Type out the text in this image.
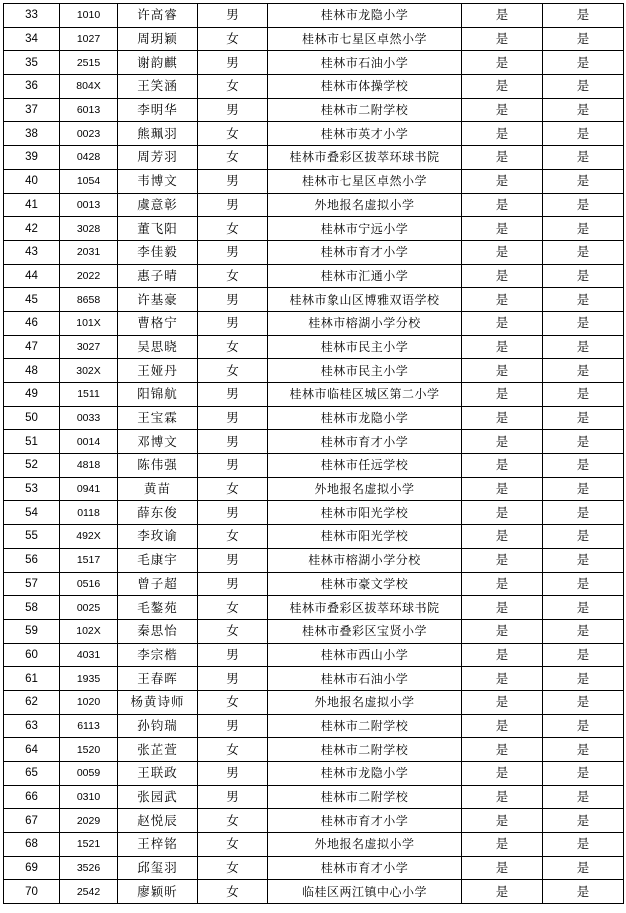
33	1010	许高睿	男	桂林市龙隐小学	是	是
34	1027	周玥颖	女	桂林市七星区卓然小学	是	是
35	2515	谢韵麒	男	桂林市石油小学	是	是
36	804X	王笑涵	女	桂林市体操学校	是	是
37	6013	李明华	男	桂林市二附学校	是	是
38	0023	熊珮羽	女	桂林市英才小学	是	是
39	0428	周芳羽	女	桂林市叠彩区拔萃环球书院	是	是
40	1054	韦博文	男	桂林市七星区卓然小学	是	是
41	0013	虞意彰	男	外地报名虚拟小学	是	是
42	3028	董飞阳	女	桂林市宁远小学	是	是
43	2031	李佳毅	男	桂林市育才小学	是	是
44	2022	惠子晴	女	桂林市汇通小学	是	是
45	8658	许基豪	男	桂林市象山区博雅双语学校	是	是
46	101X	曹格宁	男	桂林市榕湖小学分校	是	是
47	3027	吴思晓	女	桂林市民主小学	是	是
48	302X	王娅丹	女	桂林市民主小学	是	是
49	1511	阳锦航	男	桂林市临桂区城区第二小学	是	是
50	0033	王宝霖	男	桂林市龙隐小学	是	是
51	0014	邓博文	男	桂林市育才小学	是	是
52	4818	陈伟强	男	桂林市任远学校	是	是
53	0941	黄苗	女	外地报名虚拟小学	是	是
54	0118	薛东俊	男	桂林市阳光学校	是	是
55	492X	李玫谕	女	桂林市阳光学校	是	是
56	1517	毛康宇	男	桂林市榕湖小学分校	是	是
57	0516	曾子超	男	桂林市豪文学校	是	是
58	0025	毛鏊苑	女	桂林市叠彩区拔萃环球书院	是	是
59	102X	秦思怡	女	桂林市叠彩区宝贤小学	是	是
60	4031	李宗楷	男	桂林市西山小学	是	是
61	1935	王春晖	男	桂林市石油小学	是	是
62	1020	杨黄诗师	女	外地报名虚拟小学	是	是
63	6113	孙钧瑞	男	桂林市二附学校	是	是
64	1520	张芷萱	女	桂林市二附学校	是	是
65	0059	王联政	男	桂林市龙隐小学	是	是
66	0310	张园武	男	桂林市二附学校	是	是
67	2029	赵悦辰	女	桂林市育才小学	是	是
68	1521	王梓铭	女	外地报名虚拟小学	是	是
69	3526	邱玺羽	女	桂林市育才小学	是	是
70	2542	廖颖昕	女	临桂区两江镇中心小学	是	是
